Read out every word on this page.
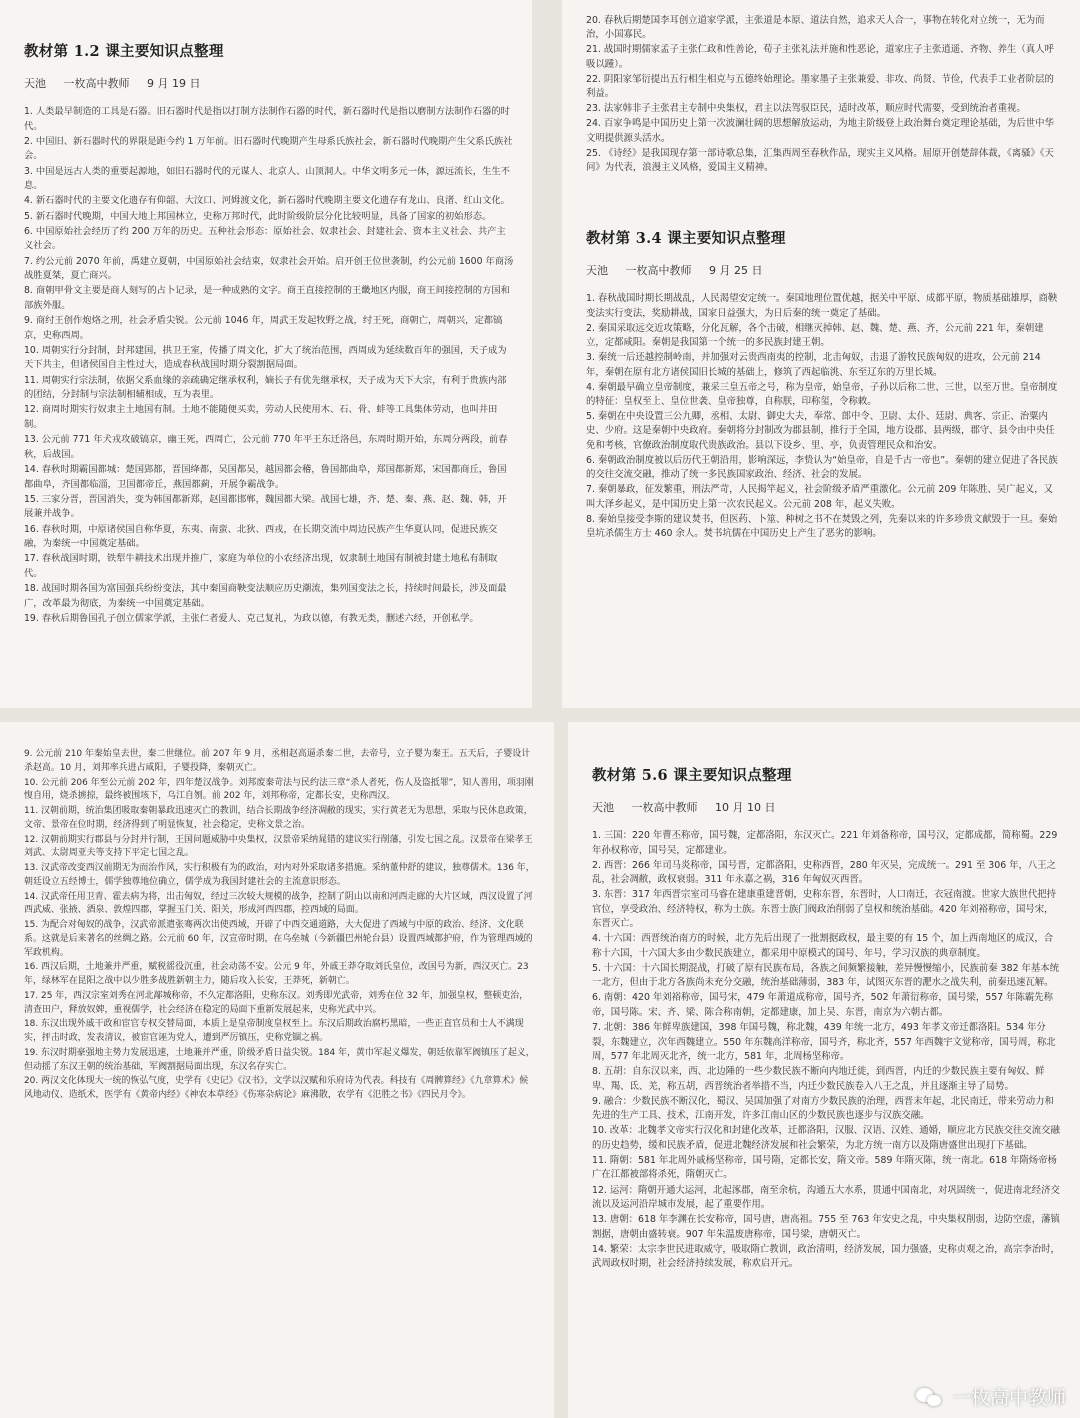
教材第 1.2 课主要知识点整理
天池 一枚高中教师 9 月 19 日
1. 人类最早制造的工具是石器。旧石器时代是指以打制方法制作石器的时代，新石器时代是指以磨制方法制作石器的时代。
2. 中国旧、新石器时代的界限是距今约 1 万年前。旧石器时代晚期产生母系氏族社会，新石器时代晚期产生父系氏族社会。
3. 中国是远古人类的重要起源地，如旧石器时代的元谋人、北京人、山顶洞人。中华文明多元一体，源远流长，生生不息。
4. 新石器时代的主要文化遗存有仰韶、大汶口、河姆渡文化，新石器时代晚期主要文化遗存有龙山、良渚、红山文化。
5. 新石器时代晚期，中国大地上邦国林立，史称万邦时代，此时阶级阶层分化比较明显，具备了国家的初始形态。
6. 中国原始社会经历了约 200 万年的历史。五种社会形态：原始社会、奴隶社会、封建社会、资本主义社会、共产主义社会。
7. 约公元前 2070 年前，禹建立夏朝，中国原始社会结束，奴隶社会开始。启开创王位世袭制，约公元前 1600 年商汤战胜夏桀，夏亡商兴。
8. 商朝甲骨文主要是商人刻写的占卜记录，是一种成熟的文字。商王直接控制的王畿地区内服，商王间接控制的方国和部族外服。
9. 商纣王创作炮烙之刑，社会矛盾尖锐。公元前 1046 年，周武王发起牧野之战，纣王死，商朝亡，周朝兴，定都镐京，史称西周。
10. 周朝实行分封制，封邦建国，拱卫王室，传播了周文化，扩大了统治范围，西周成为延续数百年的强国，天子成为天下共主，但诸侯国自主性过大，造成春秋战国时期分裂割据局面。
11. 周朝实行宗法制，依据父系血缘的亲疏确定继承权利，嫡长子有优先继承权，天子成为天下大宗，有利于贵族内部的团结，分封制与宗法制相辅相成，互为表里。
12. 商周时期实行奴隶主土地国有制。土地不能随便买卖，劳动人民使用木、石、骨、蚌等工具集体劳动，也叫井田制。
13. 公元前 771 年犬戎攻破镐京，幽王死，西周亡，公元前 770 年平王东迁洛邑，东周时期开始，东周分两段，前春秋，后战国。
14. 春秋时期霸国都城：楚国郢都，晋国绛都，吴国都吴，越国都会稽，鲁国都曲阜，郑国都新郑，宋国都商丘，鲁国都曲阜，齐国都临淄，卫国都帝丘，燕国都蓟，开展争霸战争。
15. 三家分晋，晋国消失，变为韩国都新郑，赵国都邯郸，魏国都大梁。战国七雄，齐、楚、秦、燕、赵、魏、韩，开展兼并战争。
16. 春秋时期，中原诸侯国自称华夏，东夷、南蛮、北狄、西戎，在长期交流中周边民族产生华夏认同，促进民族交融，为秦统一中国奠定基础。
17. 春秋战国时期，铁犁牛耕技术出现并推广，家庭为单位的小农经济出现，奴隶制土地国有制被封建土地私有制取代。
18. 战国时期各国为富国强兵纷纷变法，其中秦国商鞅变法顺应历史潮流，集列国变法之长，持续时间最长，涉及面最广，改革最为彻底，为秦统一中国奠定基础。
19. 春秋后期鲁国孔子创立儒家学派，主张仁者爱人、克己复礼，为政以德，有教无类，删述六经，开创私学。
20. 春秋后期楚国李耳创立道家学派，主张道是本原、道法自然，追求天人合一，事物在转化对立统一，无为而治，小国寡民。
21. 战国时期儒家孟子主张仁政和性善论，荀子主张礼法并施和性恶论，道家庄子主张逍遥、齐物、养生（真人呼吸以踵）。
22. 阴阳家邹衍提出五行相生相克与五德终始理论。墨家墨子主张兼爱、非攻、尚贤、节俭，代表手工业者阶层的利益。
23. 法家韩非子主张君主专制中央集权，君主以法驾驭臣民，适时改革，顺应时代需要，受到统治者重视。
24. 百家争鸣是中国历史上第一次波澜壮阔的思想解放运动，为地主阶级登上政治舞台奠定理论基础，为后世中华文明提供源头活水。
25. 《诗经》是我国现存第一部诗歌总集，汇集西周至春秋作品，现实主义风格。屈原开创楚辞体裁，《离骚》《天问》为代表，浪漫主义风格，爱国主义精神。
教材第 3.4 课主要知识点整理
天池 一枚高中教师 9 月 25 日
1. 春秋战国时期长期战乱，人民渴望安定统一。秦国地理位置优越，据关中平原、成都平原，物质基础雄厚，商鞅变法实行变法，奖励耕战，国家日益强大，为日后秦的统一奠定了基础。
2. 秦国采取远交近攻策略，分化瓦解，各个击破，相继灭掉韩、赵、魏、楚、燕、齐，公元前 221 年，秦朝建立，定都咸阳。秦朝是我国第一个统一的多民族封建王朝。
3. 秦统一后还越控制岭南，并加强对云贵西南夷的控制，北击匈奴，击退了游牧民族匈奴的进攻，公元前 214 年，秦朝在原有北方诸侯国旧长城的基础上，修筑了西起临洮、东至辽东的万里长城。
4. 秦朝最早确立皇帝制度，兼采三皇五帝之号，称为皇帝，始皇帝，子孙以后称二世、三世，以至万世。皇帝制度的特征：皇权至上、皇位世袭、皇帝独尊，自称朕，印称玺，令称敕。
5. 秦朝在中央设置三公九卿，丞相、太尉、御史大夫，奉常、郎中令、卫尉、太仆、廷尉、典客、宗正、治粟内史、少府。这是秦朝中央政府。秦朝将分封制改为郡县制，推行于全国，地方设郡、县两级，郡守、县令由中央任免和考核，官僚政治制度取代贵族政治。县以下设乡、里、亭，负责管理民众和治安。
6. 秦朝政治制度被以后历代王朝沿用，影响深远，李贽认为“始皇帝，自是千古一帝也”。秦朝的建立促进了各民族的交往交流交融，推动了统一多民族国家政治、经济、社会的发展。
7. 秦朝暴政，征发繁重，刑法严苛，人民揭竿起义，社会阶级矛盾严重激化。公元前 209 年陈胜、吴广起义，又叫大泽乡起义，是中国历史上第一次农民起义。公元前 208 年，起义失败。
8. 秦始皇接受李斯的建议焚书，但医药、卜筮、种树之书不在焚毁之列，先秦以来的许多珍贵文献毁于一旦。秦始皇坑杀儒生方士 460 余人。焚书坑儒在中国历史上产生了恶劣的影响。
9. 公元前 210 年秦始皇去世，秦二世继位。前 207 年 9 月，丞相赵高逼杀秦二世，去帝号，立子婴为秦王。五天后，子婴设计杀赵高。10 月，刘邦率兵进占咸阳，子婴投降，秦朝灭亡。
10. 公元前 206 年至公元前 202 年，四年楚汉战争。刘邦废秦苛法与民约法三章“杀人者死，伤人及盗抵罪”，知人善用，项羽刚愎自用，烧杀掳掠，最终被围垓下，乌江自刎。前 202 年，刘邦称帝，定都长安，史称西汉。
11. 汉朝前期，统治集团吸取秦朝暴政迅速灭亡的教训，结合长期战争经济凋敝的现实，实行黄老无为思想，采取与民休息政策，文帝、景帝在位时期，经济得到了明显恢复，社会稳定，史称文景之治。
12. 汉朝前期实行郡县与分封并行制，王国问题威胁中央集权，汉景帝采纳晁错的建议实行削藩，引发七国之乱。汉景帝在梁孝王刘武、太尉周亚夫等支持下平定七国之乱。
13. 汉武帝改变西汉前期无为而治作风，实行积极有为的政治，对内对外采取诸多措施。采纳董仲舒的建议，独尊儒术。136 年，朝廷设立五经博士，儒学独尊地位确立，儒学成为我国封建社会的主流意识形态。
14. 汉武帝任用卫青、霍去病为将，出击匈奴，经过三次较大规模的战争，控制了阴山以南和河西走廊的大片区域，西汉设置了河西武威、张掖、酒泉、敦煌四郡，掌握玉门关、阳关，形成河西四郡，控西域的局面。
15. 为配合对匈奴的战争，汉武帝派遣张骞两次出使西域，开辟了中西交通道路，大大促进了西域与中原的政治、经济、文化联系。这就是后来著名的丝绸之路。公元前 60 年，汉宣帝时期，在乌垒城（今新疆巴州轮台县）设置西域都护府，作为管理西域的军政机构。
16. 西汉后期，土地兼并严重，赋税徭役沉重，社会动荡不安。公元 9 年，外戚王莽夺取刘氏皇位，改国号为新，西汉灭亡。23 年，绿林军在昆阳之战中以少胜多战胜新朝主力，随后攻入长安，王莽死，新朝亡。
17. 25 年，西汉宗室刘秀在河北鄗城称帝，不久定都洛阳，史称东汉。刘秀即光武帝，刘秀在位 32 年，加强皇权，整顿吏治，清查田户，释放奴婢，重视儒学，社会经济在稳定的局面下重新发展起来，史称光武中兴。
18. 东汉出现外戚干政和宦官专权交替局面，本质上是皇帝制度皇权至上。东汉后期政治腐朽黑暗，一些正直官员和士人不满现实，抨击时政，发表清议，被宦官诬为党人，遭到严厉镇压，史称党锢之祸。
19. 东汉时期豪强地主势力发展迅速，土地兼并严重，阶级矛盾日益尖锐。184 年，黄巾军起义爆发，朝廷依靠军阀镇压了起义，但动摇了东汉王朝的统治基础，军阀割据局面出现，东汉名存实亡。
20. 两汉文化体现大一统的恢弘气度，史学有《史记》《汉书》，文学以汉赋和乐府诗为代表。科技有《周髀算经》《九章算术》候风地动仪、造纸术，医学有《黄帝内经》《神农本草经》《伤寒杂病论》麻沸散，农学有《氾胜之书》《四民月令》。
教材第 5.6 课主要知识点整理
天池 一枚高中教师 10 月 10 日
1. 三国：220 年曹丕称帝，国号魏，定都洛阳，东汉灭亡。221 年刘备称帝，国号汉，定都成都，简称蜀。229 年孙权称帝，国号吴，定都建业。
2. 西晋：266 年司马炎称帝，国号晋，定都洛阳，史称西晋，280 年灭吴，完成统一。291 至 306 年，八王之乱，社会凋敝，政权衰弱。311 年永嘉之祸，316 年匈奴灭西晋。
3. 东晋：317 年西晋宗室司马睿在建康重建晋朝，史称东晋，东晋时，人口南迁，衣冠南渡。世家大族世代把持官位，享受政治、经济特权，称为士族。东晋士族门阀政治削弱了皇权和统治基础。420 年刘裕称帝，国号宋，东晋灭亡。
4. 十六国：西晋统治南方的时候，北方先后出现了一批割据政权，最主要的有 15 个，加上西南地区的成汉，合称十六国，十六国大多由少数民族建立，都采用中原模式的国号、年号，学习汉族的典章制度。
5. 十六国：十六国长期混战，打破了原有民族布局，各族之间频繁接触，差异慢慢缩小，民族前秦 382 年基本统一北方，但由于北方各族尚未充分交融，统治基础薄弱，383 年，试图灭东晋的淝水之战失利，前秦迅速瓦解。
6. 南朝：420 年刘裕称帝，国号宋，479 年萧道成称帝，国号齐，502 年萧衍称帝，国号梁，557 年陈霸先称帝，国号陈。宋、齐、梁、陈合称南朝，定都建康，加上吴、东晋，南京为六朝古都。
7. 北朝：386 年鲜卑族建国，398 年国号魏，称北魏，439 年统一北方，493 年孝文帝迁都洛阳。534 年分裂，东魏建立，次年西魏建立。550 年东魏高洋称帝，国号齐，称北齐，557 年西魏宇文觉称帝，国号周，称北周，577 年北周灭北齐，统一北方，581 年，北周杨坚称帝。
8. 五胡：自东汉以来，西、北边陲的一些少数民族不断向内地迁徙，到西晋，内迁的少数民族主要有匈奴、鲜卑、羯、氐、羌，称五胡，西晋统治者举措不当，内迁少数民族卷入八王之乱，并且逐渐主导了局势。
9. 融合：少数民族不断汉化，蜀汉、吴国加强了对南方少数民族的治理，西晋末年起，北民南迁，带来劳动力和先进的生产工具、技术，江南开发，许多江南山区的少数民族也逐步与汉族交融。
10. 改革：北魏孝文帝实行汉化和封建化改革，迁都洛阳，汉服、汉语、汉姓、通婚，顺应北方民族交往交流交融的历史趋势，缓和民族矛盾，促进北魏经济发展和社会繁荣，为北方统一南方以及隋唐盛世出现打下基础。
11. 隋朝：581 年北周外戚杨坚称帝，国号隋，定都长安，隋文帝。589 年隋灭陈，统一南北。618 年隋炀帝杨广在江都被部将杀死，隋朝灭亡。
12. 运河：隋朝开通大运河，北起涿郡，南至余杭，沟通五大水系，贯通中国南北，对巩固统一，促进南北经济交流以及运河沿岸城市发展，起了重要作用。
13. 唐朝：618 年李渊在长安称帝，国号唐，唐高祖。755 至 763 年安史之乱，中央集权削弱，边防空虚，藩镇割据，唐朝由盛转衰。907 年朱温废唐称帝，国号梁，唐朝灭亡。
14. 繁荣：太宗李世民进取威守，吸取隋亡教训，政治清明，经济发展，国力强盛，史称贞观之治，高宗李治时，武周政权时期，社会经济持续发展，称欢启开元。
一枚高中教师
